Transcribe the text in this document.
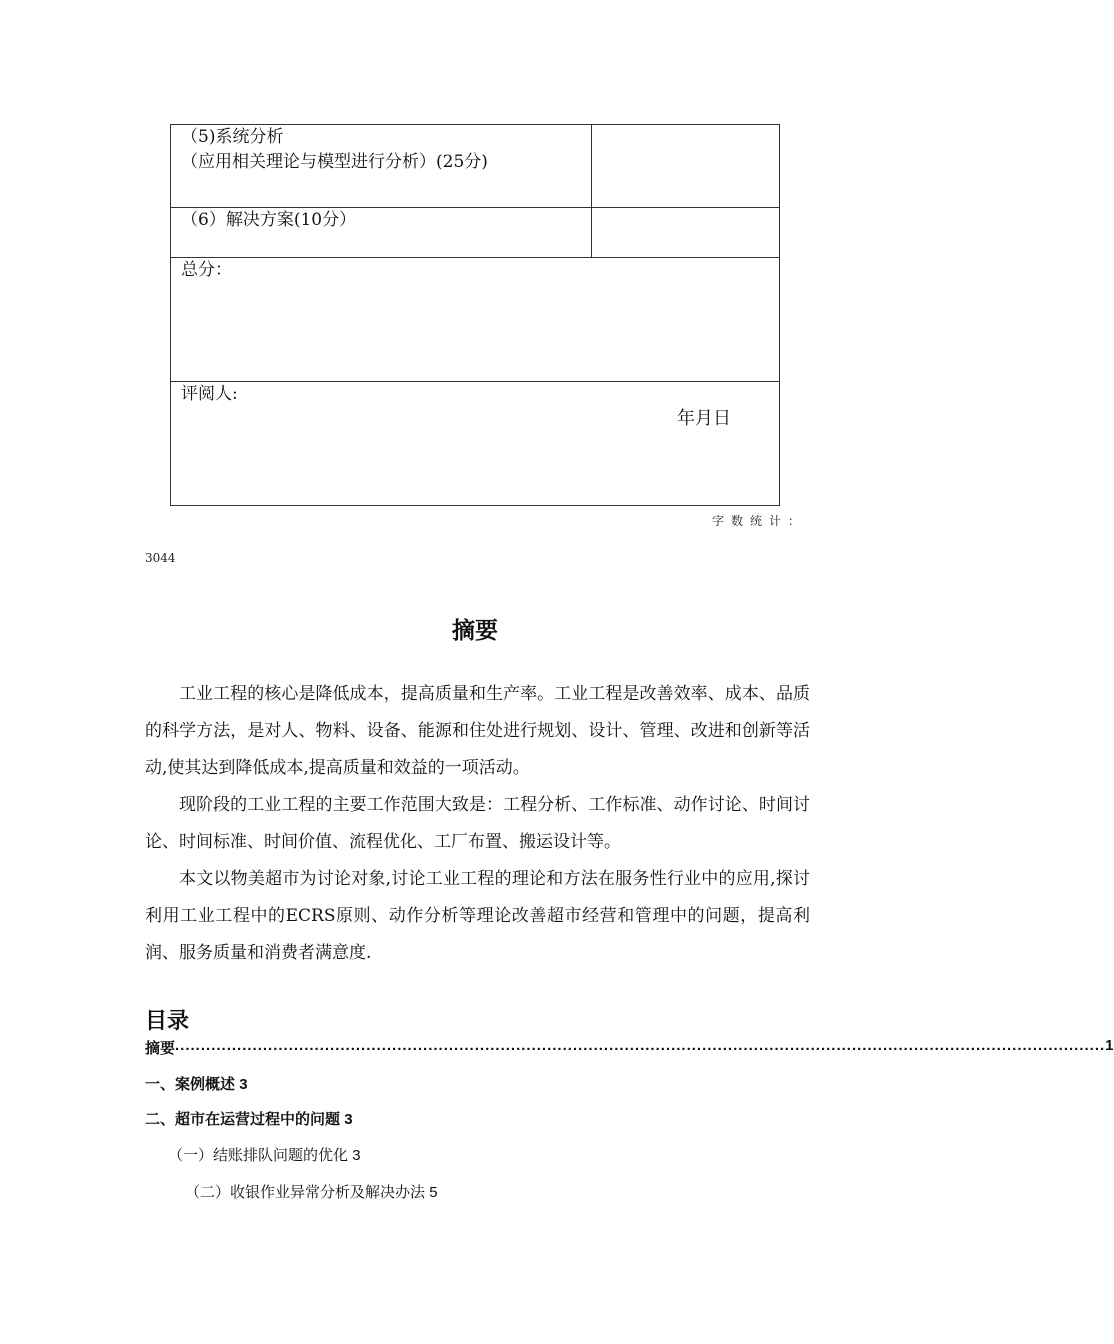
（5)系统分析
（应用相关理论与模型进行分析）(25分)	

（6）解决方案(10分）	

总分：	

评阅人:
年月日	
字数统计：
3044
摘要

工业工程的核心是降低成本，提高质量和生产率。工业工程是改善效率、成本、品质的科学方法，是对人、物料、设备、能源和住处进行规划、设计、管理、改进和创新等活动,使其达到降低成本,提高质量和效益的一项活动。

现阶段的工业工程的主要工作范围大致是：工程分析、工作标准、动作讨论、时间讨论、时间标准、时间价值、流程优化、工厂布置、搬运设计等。

本文以物美超市为讨论对象,讨论工业工程的理论和方法在服务性行业中的应用,探讨利用工业工程中的ECRS原则、动作分析等理论改善超市经营和管理中的问题，提高利润、服务质量和消费者满意度.

目录
摘要 .................................................................................................................................................................................... 1
一、案例概述 3
二、超市在运营过程中的问题 3
（一）结账排队问题的优化 3
（二）收银作业异常分析及解决办法 5
